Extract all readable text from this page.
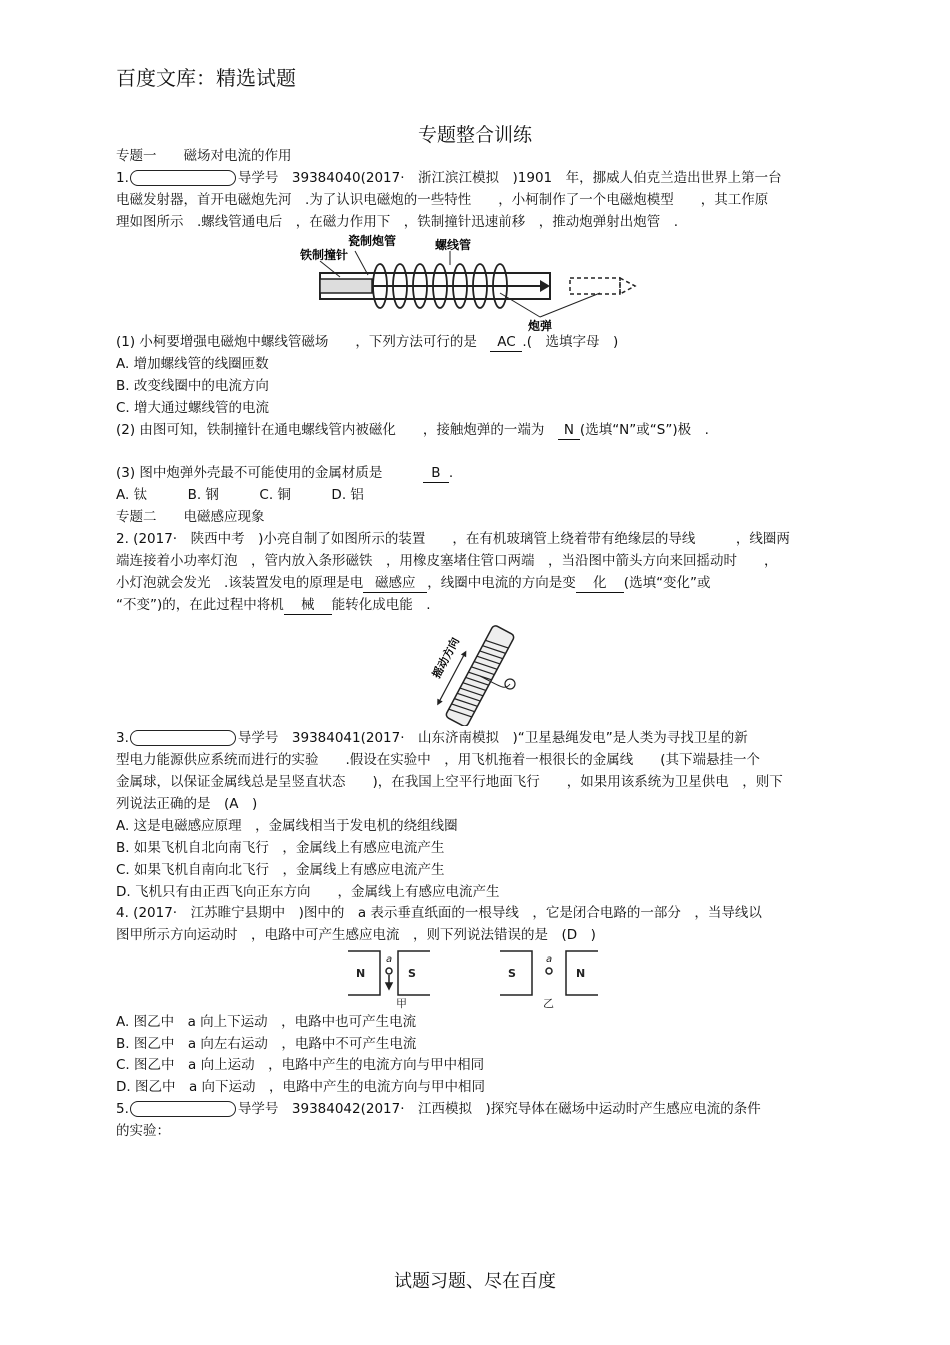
百度文库：精选试题
专题整合训练
专题一　　磁场对电流的作用
1.	导学号　39384040(2017·　浙江滨江模拟　)1901　年，挪威人伯克兰造出世界上第一台
电磁发射器，首开电磁炮先河　.为了认识电磁炮的一些特性　　，小柯制作了一个电磁炮模型　　，其工作原
理如图所示　.螺线管通电后　，在磁力作用下　，铁制撞针迅速前移　，推动炮弹射出炮管　.
瓷制炮管	螺线管
铁制撞针
炮弹
(1) 小柯要增强电磁炮中螺线管磁场　　，下列方法可行的是　AC .(　选填字母　)
A. 增加螺线管的线圈匝数
B. 改变线圈中的电流方向
C. 增大通过螺线管的电流
(2) 由图可知，铁制撞针在通电螺线管内被磁化　　，接触炮弹的一端为　N (选填“N”或“S”)极　.
(3) 图中炮弹外壳最不可能使用的金属材质是　　　B .
A. 钛　　　B. 钢　　　C. 铜　　　D. 铝
专题二　　电磁感应现象
2. (2017·　陕西中考　)小亮自制了如图所示的装置　　，在有机玻璃管上绕着带有绝缘层的导线　　　，线圈两
端连接着小功率灯泡　，管内放入条形磁铁　，用橡皮塞堵住管口两端　，当沿图中箭头方向来回摇动时　　，
小灯泡就会发光　.该装置发电的原理是电 磁感应 ，线圈中电流的方向是变 化 (选填“变化”或
“不变”)的，在此过程中将机 械 能转化成电能　.
摇动方向
3.	导学号　39384041(2017·　山东济南模拟　)“卫星悬绳发电”是人类为寻找卫星的新
型电力能源供应系统而进行的实验　　.假设在实验中　，用飞机拖着一根很长的金属线　　(其下端悬挂一个
金属球，以保证金属线总是呈竖直状态　　)，在我国上空平行地面飞行　　，如果用该系统为卫星供电　，则下
列说法正确的是　(A　)
A. 这是电磁感应原理　，金属线相当于发电机的绕组线圈
B. 如果飞机自北向南飞行　，金属线上有感应电流产生
C. 如果飞机自南向北飞行　，金属线上有感应电流产生
D. 飞机只有由正西飞向正东方向　　，金属线上有感应电流产生
4. (2017·　江苏睢宁县期中　)图中的　a 表示垂直纸面的一根导线　，它是闭合电路的一部分　，当导线以
图甲所示方向运动时　，电路中可产生感应电流　，则下列说法错误的是　(D　)
N	S	S	N
a	a
甲	乙
A. 图乙中　a 向上下运动　，电路中也可产生电流
B. 图乙中　a 向左右运动　，电路中不可产生电流
C. 图乙中　a 向上运动　，电路中产生的电流方向与甲中相同
D. 图乙中　a 向下运动　，电路中产生的电流方向与甲中相同
5.	导学号　39384042(2017·　江西模拟　)探究导体在磁场中运动时产生感应电流的条件
的实验：
试题习题、尽在百度
